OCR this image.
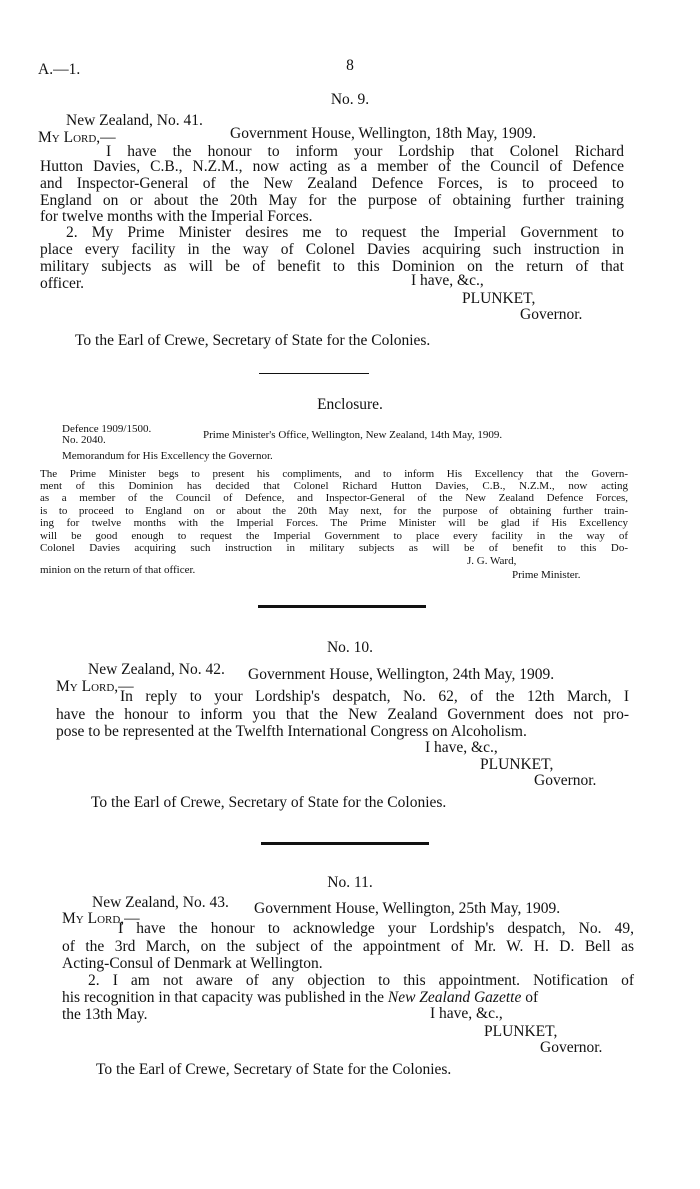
A.—1.	8
No. 9.
New Zealand, No. 41.
My Lord,—	Government House, Wellington, 18th May, 1909.
I have the honour to inform your Lordship that Colonel Richard
Hutton Davies, C.B., N.Z.M., now acting as a member of the Council of Defence
and Inspector-General of the New Zealand Defence Forces, is to proceed to
England on or about the 20th May for the purpose of obtaining further training
for twelve months with the Imperial Forces.
2. My Prime Minister desires me to request the Imperial Government to
place every facility in the way of Colonel Davies acquiring such instruction in
military subjects as will be of benefit to this Dominion on the return of that
officer.	I have, &c.,
PLUNKET,
Governor.
To the Earl of Crewe, Secretary of State for the Colonies.
Enclosure.
Defence 1909/1500.
No. 2040.	Prime Minister's Office, Wellington, New Zealand, 14th May, 1909.
Memorandum for His Excellency the Governor.
The Prime Minister begs to present his compliments, and to inform His Excellency that the Govern-
ment of this Dominion has decided that Colonel Richard Hutton Davies, C.B., N.Z.M., now acting
as a member of the Council of Defence, and Inspector-General of the New Zealand Defence Forces,
is to proceed to England on or about the 20th May next, for the purpose of obtaining further train-
ing for twelve months with the Imperial Forces. The Prime Minister will be glad if His Excellency
will be good enough to request the Imperial Government to place every facility in the way of
Colonel Davies acquiring such instruction in military subjects as will be of benefit to this Do-
minion on the return of that officer.
J. G. Ward,
Prime Minister.
No. 10.
New Zealand, No. 42.
My Lord,—
Government House, Wellington, 24th May, 1909.
In reply to your Lordship's despatch, No. 62, of the 12th March, I
have the honour to inform you that the New Zealand Government does not pro-
pose to be represented at the Twelfth International Congress on Alcoholism.
I have, &c.,
PLUNKET,
Governor.
To the Earl of Crewe, Secretary of State for the Colonies.
No. 11.
New Zealand, No. 43.
My Lord,—
Government House, Wellington, 25th May, 1909.
I have the honour to acknowledge your Lordship's despatch, No. 49,
of the 3rd March, on the subject of the appointment of Mr. W. H. D. Bell as
Acting-Consul of Denmark at Wellington.
2. I am not aware of any objection to this appointment. Notification of
his recognition in that capacity was published in the New Zealand Gazette of
the 13th May.	I have, &c.,
PLUNKET,
Governor.
To the Earl of Crewe, Secretary of State for the Colonies.
